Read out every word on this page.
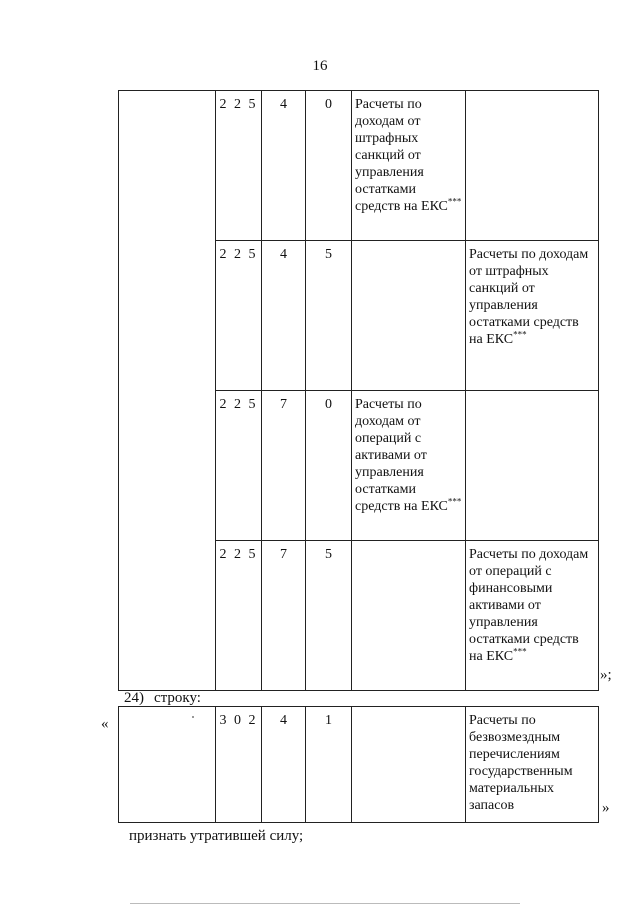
16
	2 2 5	4	0	Расчеты по доходам от штрафных санкций от управления остатками средств на ЕКС***	
	2 2 5	4	5		Расчеты по доходам от штрафных санкций от управления остатками средств на ЕКС***
	2 2 5	7	0	Расчеты по доходам от операций с активами от управления остатками средств на ЕКС***	
	2 2 5	7	5		Расчеты по доходам от операций с финансовыми активами от управления остатками средств на ЕКС***
»;
24) строку:
«
		3 0 2	4	1		Расчеты по безвозмездным перечислениям государственным материальных запасов	»
признать утратившей силу;
